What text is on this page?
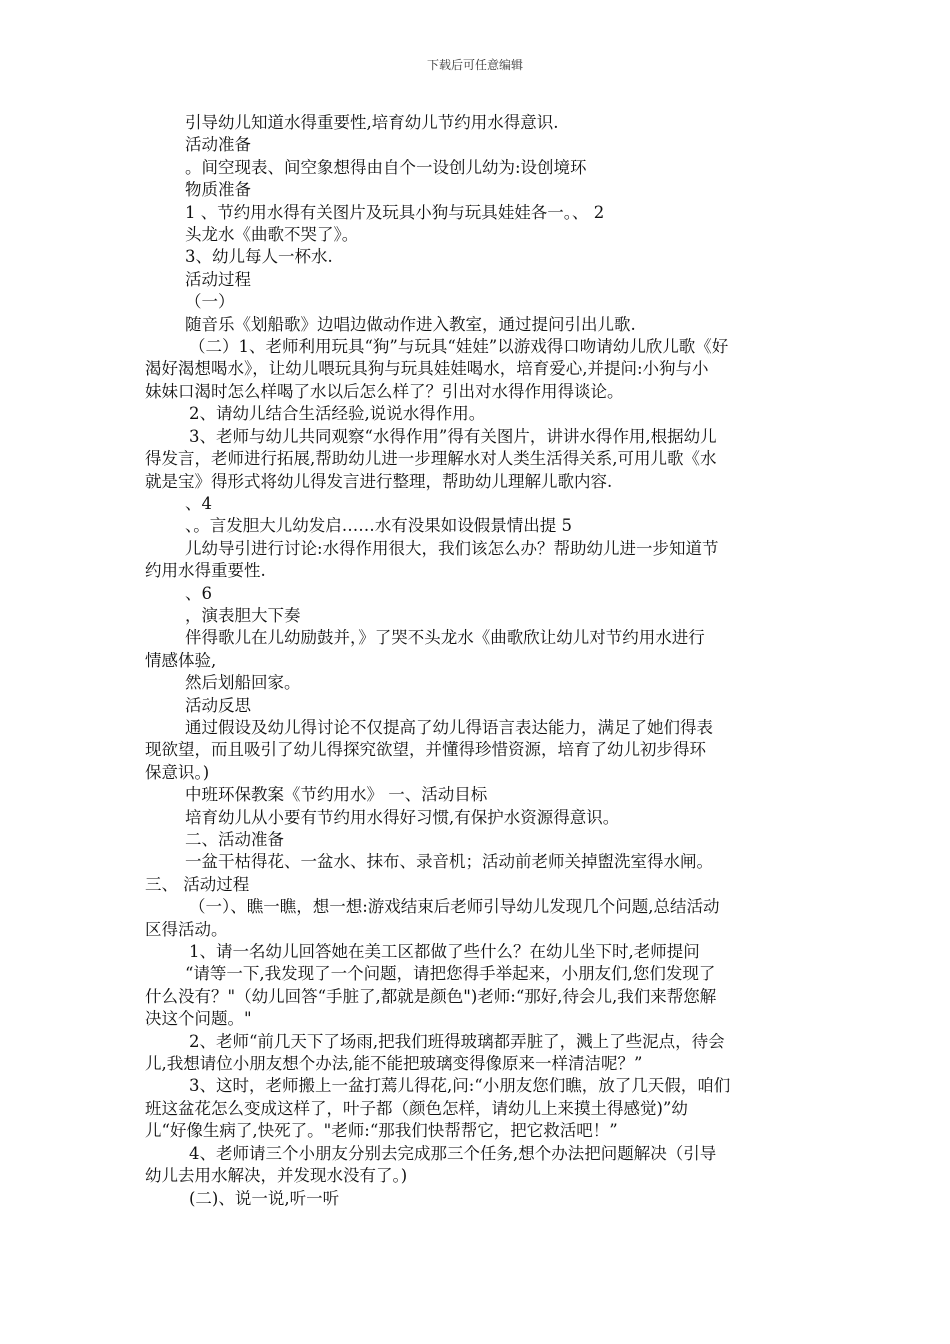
下载后可任意编辑

引导幼儿知道水得重要性,培育幼儿节约用水得意识.

活动准备

。间空现表、间空象想得由自个一设创儿幼为:设创境环

物质准备

1 、节约用水得有关图片及玩具小狗与玩具娃娃各一。、 2

头龙水《曲歌不哭了》。

3、幼儿每人一杯水.

活动过程

（一）

随音乐《划船歌》边唱边做动作进入教室，通过提问引出儿歌.

（二）1、老师利用玩具“狗”与玩具“娃娃”以游戏得口吻请幼儿欣儿歌《好

渴好渴想喝水》，让幼儿喂玩具狗与玩具娃娃喝水，培育爱心,并提问:小狗与小

妹妹口渴时怎么样喝了水以后怎么样了？引出对水得作用得谈论。

2、请幼儿结合生活经验,说说水得作用。

3、老师与幼儿共同观察“水得作用”得有关图片，讲讲水得作用,根据幼儿

得发言，老师进行拓展,帮助幼儿进一步理解水对人类生活得关系,可用儿歌《水

就是宝》得形式将幼儿得发言进行整理，帮助幼儿理解儿歌内容.

、4

、。言发胆大儿幼发启……水有没果如设假景情出提 5

儿幼导引进行讨论:水得作用很大，我们该怎么办？帮助幼儿进一步知道节

约用水得重要性.

、6

，演表胆大下奏

伴得歌儿在儿幼励鼓并，》了哭不头龙水《曲歌欣让幼儿对节约用水进行

情感体验,

然后划船回家。

活动反思

通过假设及幼儿得讨论不仅提高了幼儿得语言表达能力，满足了她们得表

现欲望，而且吸引了幼儿得探究欲望，并懂得珍惜资源，培育了幼儿初步得环

保意识。)

中班环保教案《节约用水》 一、活动目标

培育幼儿从小要有节约用水得好习惯,有保护水资源得意识。

二、活动准备

一盆干枯得花、一盆水、抹布、录音机；活动前老师关掉盥洗室得水闸。

三、 活动过程

（一）、瞧一瞧，想一想:游戏结束后老师引导幼儿发现几个问题,总结活动

区得活动。

1、请一名幼儿回答她在美工区都做了些什么？在幼儿坐下时,老师提问

“请等一下,我发现了一个问题，请把您得手举起来，小朋友们,您们发现了

什么没有？"（幼儿回答“手脏了,都就是颜色")老师:“那好,待会儿,我们来帮您解

决这个问题。"

2、老师“前几天下了场雨,把我们班得玻璃都弄脏了，溅上了些泥点，待会

儿,我想请位小朋友想个办法,能不能把玻璃变得像原来一样清洁呢？”

3、这时，老师搬上一盆打蔫儿得花,问:“小朋友您们瞧，放了几天假，咱们

班这盆花怎么变成这样了，叶子都（颜色怎样，请幼儿上来摸土得感觉)”幼

儿“好像生病了,快死了。"老师:“那我们快帮帮它，把它救活吧！”

4、老师请三个小朋友分别去完成那三个任务,想个办法把问题解决（引导

幼儿去用水解决，并发现水没有了。)

(二)、说一说,听一听
